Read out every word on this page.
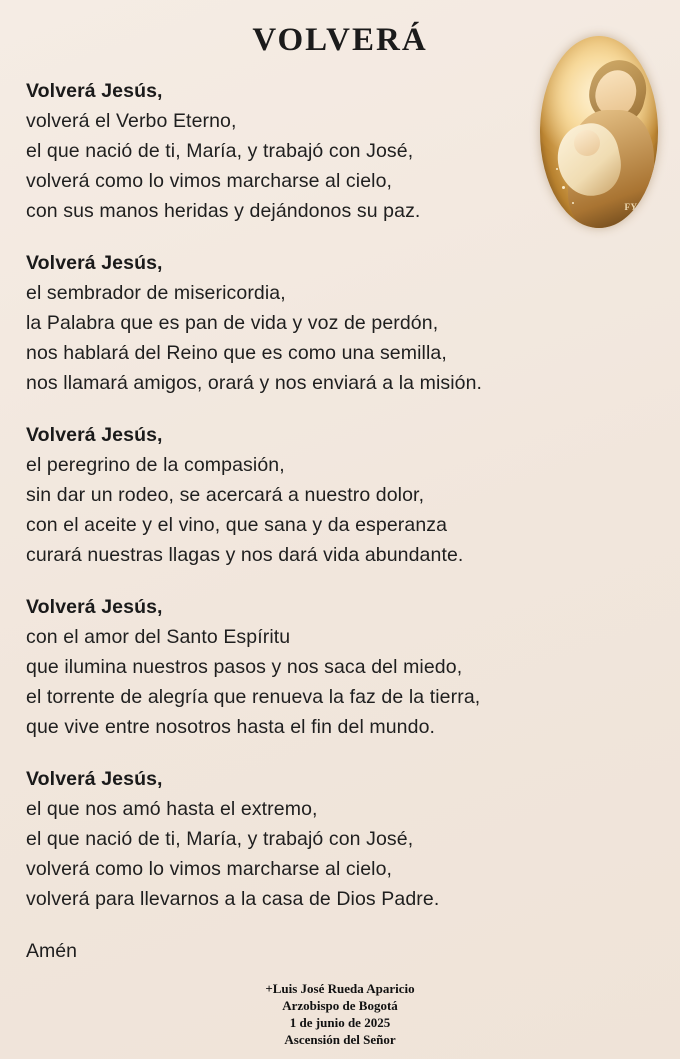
VOLVERÁ
FYZ
Volverá Jesús,
volverá el Verbo Eterno,
el que nació de ti, María, y trabajó con José,
volverá como lo vimos marcharse al cielo,
con sus manos heridas y dejándonos su paz.
Volverá Jesús,
el sembrador de misericordia,
la Palabra que es pan de vida y voz de perdón,
nos hablará del Reino que es como una semilla,
nos llamará amigos, orará y nos enviará a la misión.
Volverá Jesús,
el peregrino de la compasión,
sin dar un rodeo, se acercará a nuestro dolor,
con el aceite y el vino, que sana y da esperanza
curará nuestras llagas y nos dará vida abundante.
Volverá Jesús,
con el amor del Santo Espíritu
que ilumina nuestros pasos y nos saca del miedo,
el torrente de alegría que renueva la faz de la tierra,
que vive entre nosotros hasta el fin del mundo.
Volverá Jesús,
el que nos amó hasta el extremo,
el que nació de ti, María, y trabajó con José,
volverá como lo vimos marcharse al cielo,
volverá para llevarnos a la casa de Dios Padre.
Amén
+Luis José Rueda Aparicio
Arzobispo de Bogotá
1 de junio de 2025
Ascensión del Señor
